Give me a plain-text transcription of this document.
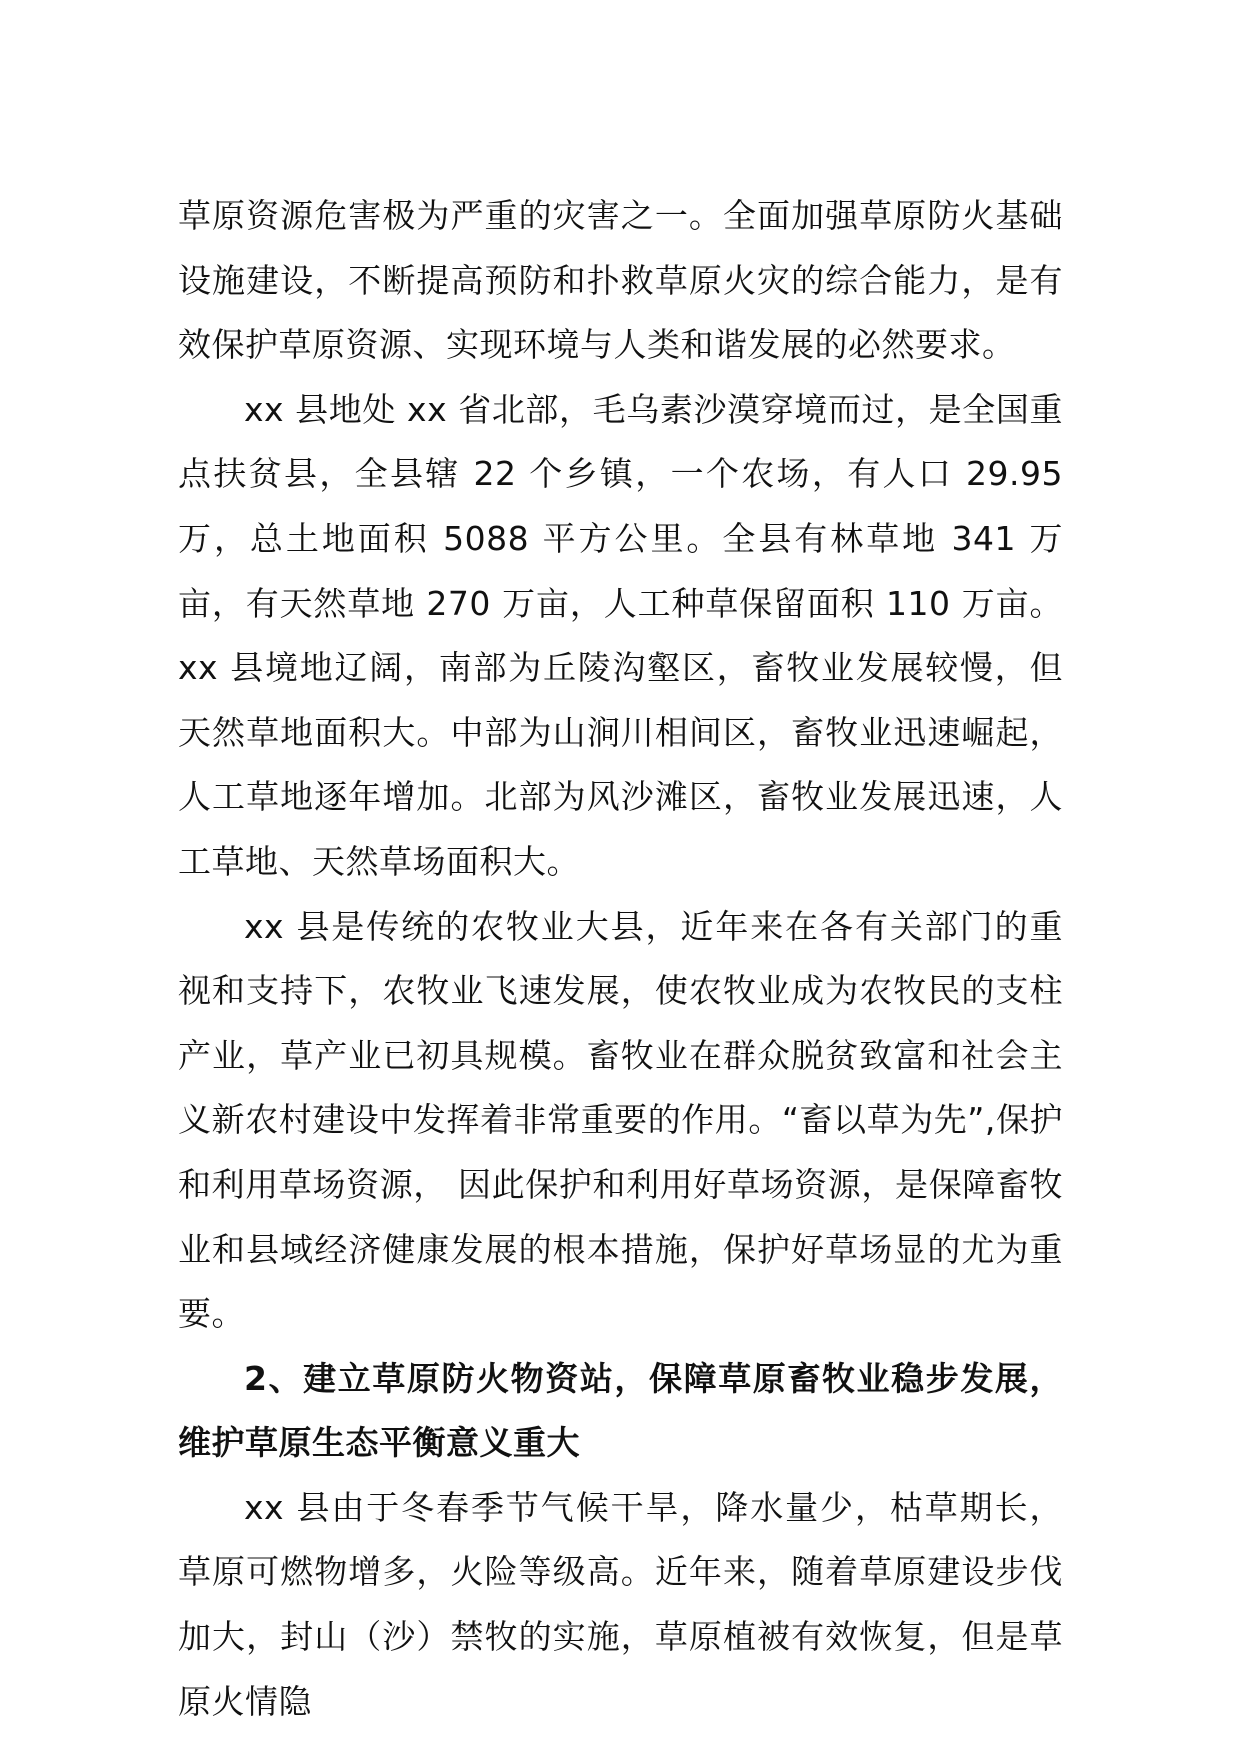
草原资源危害极为严重的灾害之一。全面加强草原防火基础设施建设，不断提高预防和扑救草原火灾的综合能力，是有效保护草原资源、实现环境与人类和谐发展的必然要求。

xx 县地处 xx 省北部，毛乌素沙漠穿境而过，是全国重点扶贫县，全县辖 22 个乡镇，一个农场，有人口 29.95 万，总土地面积 5088 平方公里。全县有林草地 341 万亩，有天然草地 270 万亩，人工种草保留面积 110 万亩。xx 县境地辽阔，南部为丘陵沟壑区，畜牧业发展较慢，但天然草地面积大。中部为山涧川相间区，畜牧业迅速崛起，人工草地逐年增加。北部为风沙滩区，畜牧业发展迅速，人工草地、天然草场面积大。

xx 县是传统的农牧业大县，近年来在各有关部门的重视和支持下，农牧业飞速发展，使农牧业成为农牧民的支柱产业，草产业已初具规模。畜牧业在群众脱贫致富和社会主义新农村建设中发挥着非常重要的作用。“畜以草为先”,保护和利用草场资源， 因此保护和利用好草场资源，是保障畜牧业和县域经济健康发展的根本措施，保护好草场显的尤为重要。

2、建立草原防火物资站，保障草原畜牧业稳步发展，维护草原生态平衡意义重大

xx 县由于冬春季节气候干旱，降水量少，枯草期长，草原可燃物增多，火险等级高。近年来，随着草原建设步伐加大，封山（沙）禁牧的实施，草原植被有效恢复，但是草原火情隐
